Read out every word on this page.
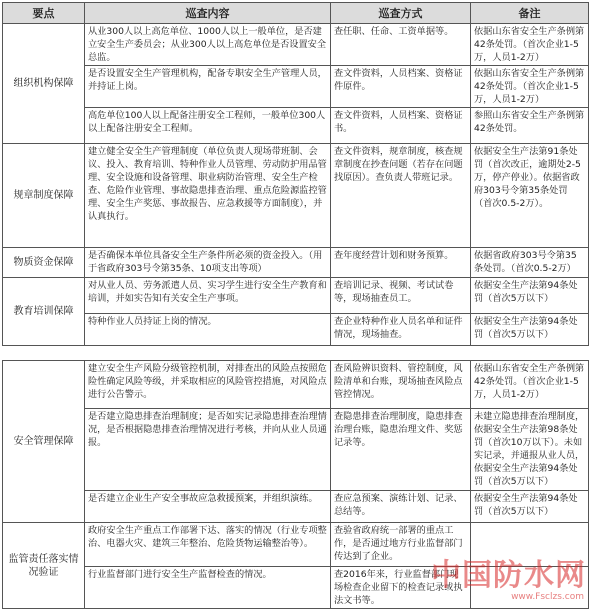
要点	巡查内容	巡查方式	备注
组织机构保障	从业300人以上高危单位、1000人以上一般单位，是否建立安全生产委员会；从业300人以上高危单位是否设置安全总监。	查任职、任命、工资单据等。	依据山东省安全生产条例第42条处罚。（首次企业1-5万，人员1-2万）
	是否设置安全生产管理机构，配备专职安全生产管理人员，并持证上岗。	查文件资料，人员档案、资格证件原件。	依据山东省安全生产条例第42条处罚。（首次企业1-5万，人员1-2万）
	高危单位100人以上配备注册安全工程师，一般单位300人以上配备注册安全工程师。	查文件资料，人员档案、资格证书。	参照山东省安全生产条例第42条处罚。
规章制度保障	建立健全安全生产管理制度（单位负责人现场带班制、会议、投入、教育培训、特种作业人员管理、劳动防护用品管理、安全设施和设备管理、职业病防治管理、安全生产检查、危险作业管理、事故隐患排查治理、重点危险源监控管理、安全生产奖惩、事故报告、应急救援等方面制度），并认真执行。	查文件资料，规章制度，核查规章制度在抄查问题（若存在问题找原因）。查负责人带班记录。	依据安全生产法第91条处罚（首次改正，逾期处2-5万，停产停业）。依据省政府303号令第35条处罚（首次0.5-2万）。
物质资金保障	是否确保本单位具备安全生产条件所必须的资金投入。（用于省政府303号令第35条、10项支出等项）	查年度经营计划和财务预算。	依据省政府303号令第35条处罚。（首次0.5-2万）
教育培训保障	对从业人员、劳务派遣人员、实习学生进行安全生产教育和培训，并如实告知有关安全生产事项。	查培训记录、视频、考试试卷等，现场抽查员工。	依据安全生产法第94条处罚（首次5万以下）
	特种作业人员持证上岗的情况。	查企业特种作业人员名单和证件情况，现场抽查。	依据安全生产法第94条处罚（首次5万以下）

安全管理保障	建立安全生产风险分级管控机制，对排查出的风险点按照危险性确定风险等级，并采取相应的风险管控措施，对风险点进行公告警示。	查风险辨识资料、管控制度，风险清单和台账，现场抽查风险点管控情况。	依据山东省安全生产条例第42条处罚。（首次企业1-5万，人员1-2万）
	是否建立隐患排查治理制度；是否如实记录隐患排查治理情况，是否根据隐患排查治理情况进行考核，并向从业人员通报。	查隐患排查治理制度，隐患排查治理台账，隐患治理文件、奖惩记录等。	未建立隐患排查治理制度，依据安全生产法第98条处罚（首次10万以下）。未如实记录，并通报从业人员，依据安全生产法第94条处罚（首次5万以下）
	是否建立企业生产安全事故应急救援预案，并组织演练。	查应急预案、演练计划、记录、总结等。	依据安全生产法第94条处罚（首次5万以下）
监管责任落实情况验证	政府安全生产重点工作部署下达、落实的情况（行业专项整治、电器火灾、建筑三年整治、危险货物运输整治等）。	查验省政府统一部署的重点工作，是否通过地方行业监督部门传达到了企业。	
	行业监督部门进行安全生产监督检查的情况。	查2016年来，行业监督部门现场检查企业留下的检查记录或执法文书等。	
中国防水网
www.Fsclzs.com
